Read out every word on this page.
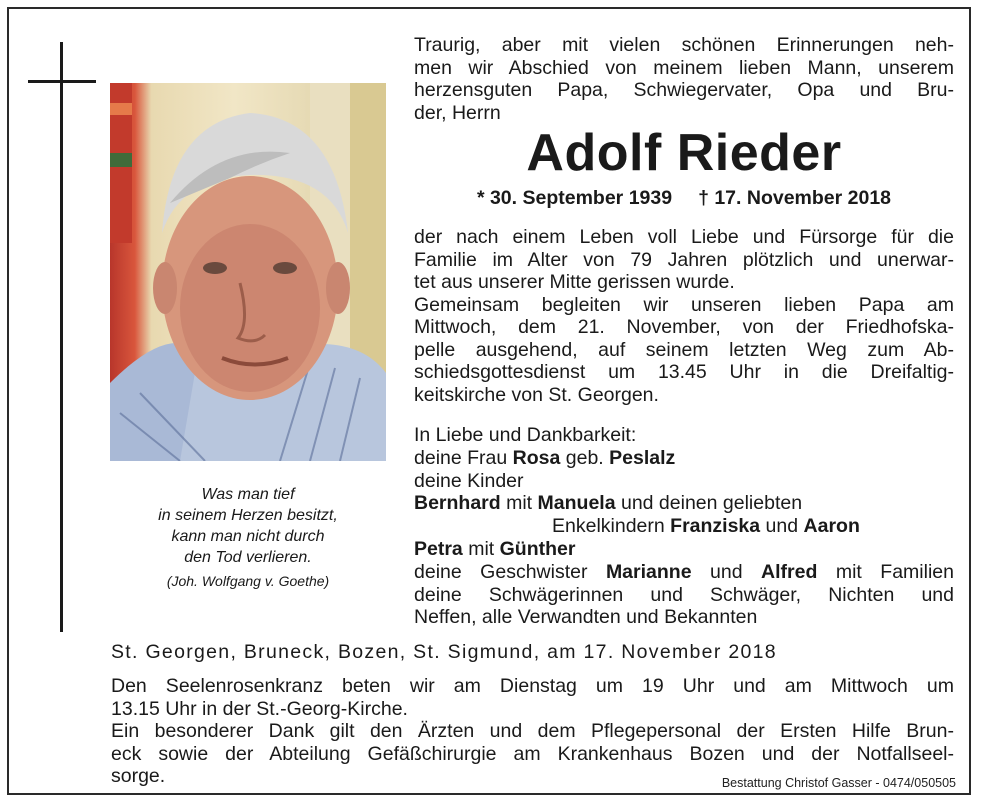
Was man tief
in seinem Herzen besitzt,
kann man nicht durch
den Tod verlieren.
(Joh. Wolfgang v. Goethe)
Traurig, aber mit vielen schönen Erinnerungen neh-
men wir Abschied von meinem lieben Mann, unserem
herzensguten Papa, Schwiegervater, Opa und Bru-
der, Herrn
Adolf Rieder
* 30. September 1939 † 17. November 2018
der nach einem Leben voll Liebe und Fürsorge für die
Familie im Alter von 79 Jahren plötzlich und unerwar-
tet aus unserer Mitte gerissen wurde.
Gemeinsam begleiten wir unseren lieben Papa am
Mittwoch, dem 21. November, von der Friedhofska-
pelle ausgehend, auf seinem letzten Weg zum Ab-
schiedsgottesdienst um 13.45 Uhr in die Dreifaltig-
keitskirche von St. Georgen.
In Liebe und Dankbarkeit:
deine Frau Rosa geb. Peslalz
deine Kinder
Bernhard mit Manuela und deinen geliebten
Enkelkindern Franziska und Aaron
Petra mit Günther
deine Geschwister Marianne und Alfred mit Familien
deine Schwägerinnen und Schwäger, Nichten und
Neffen, alle Verwandten und Bekannten
St. Georgen, Bruneck, Bozen, St. Sigmund, am 17. November 2018
Den Seelenrosenkranz beten wir am Dienstag um 19 Uhr und am Mittwoch um
13.15 Uhr in der St.-Georg-Kirche.
Ein besonderer Dank gilt den Ärzten und dem Pflegepersonal der Ersten Hilfe Brun-
eck sowie der Abteilung Gefäßchirurgie am Krankenhaus Bozen und der Notfallseel-
sorge.	Bestattung Christof Gasser - 0474/050505
